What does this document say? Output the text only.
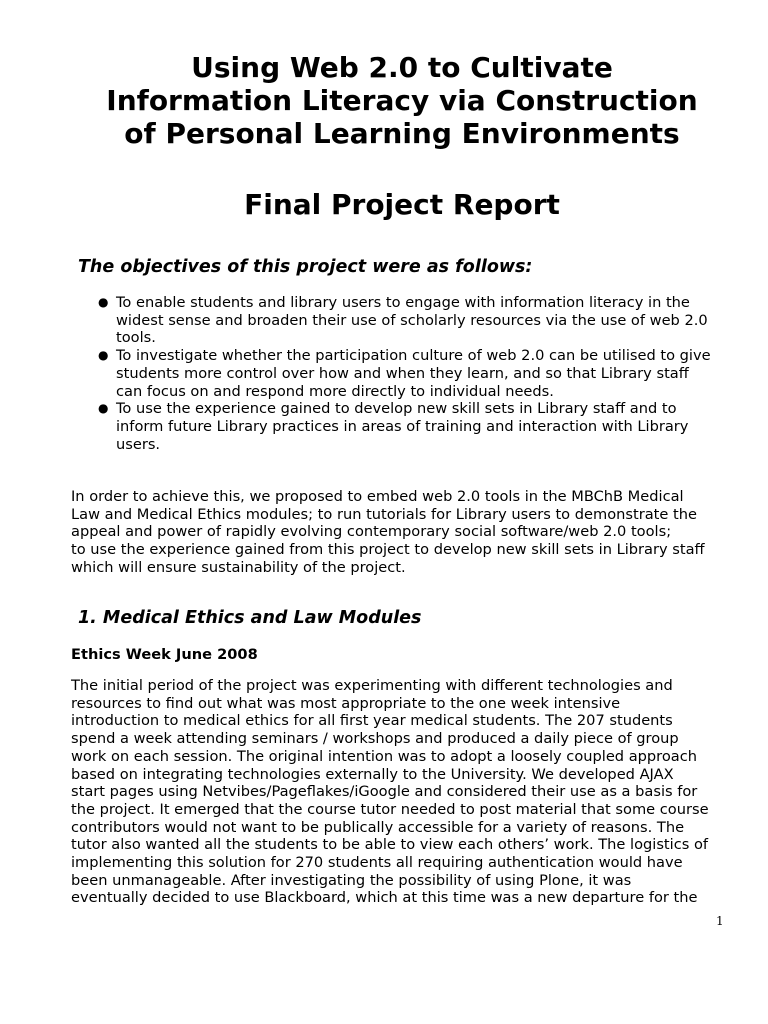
Using Web 2.0 to Cultivate
Information Literacy via Construction
of Personal Learning Environments
Final Project Report
The objectives of this project were as follows:
● To enable students and library users to engage with information literacy in the
widest sense and broaden their use of scholarly resources via the use of web 2.0
tools.
● To investigate whether the participation culture of web 2.0 can be utilised to give
students more control over how and when they learn, and so that Library staff
can focus on and respond more directly to individual needs.
● To use the experience gained to develop new skill sets in Library staff and to
inform future Library practices in areas of training and interaction with Library
users.
In order to achieve this, we proposed to embed web 2.0 tools in the MBChB Medical
Law and Medical Ethics modules; to run tutorials for Library users to demonstrate the
appeal and power of rapidly evolving contemporary social software/web 2.0 tools;
to use the experience gained from this project to develop new skill sets in Library staff
which will ensure sustainability of the project.
1. Medical Ethics and Law Modules
Ethics Week June 2008
The initial period of the project was experimenting with different technologies and
resources to find out what was most appropriate to the one week intensive
introduction to medical ethics for all first year medical students. The 207 students
spend a week attending seminars / workshops and produced a daily piece of group
work on each session. The original intention was to adopt a loosely coupled approach
based on integrating technologies externally to the University. We developed AJAX
start pages using Netvibes/Pageflakes/iGoogle and considered their use as a basis for
the project. It emerged that the course tutor needed to post material that some course
contributors would not want to be publically accessible for a variety of reasons. The
tutor also wanted all the students to be able to view each others’ work. The logistics of
implementing this solution for 270 students all requiring authentication would have
been unmanageable. After investigating the possibility of using Plone, it was
eventually decided to use Blackboard, which at this time was a new departure for the
1
